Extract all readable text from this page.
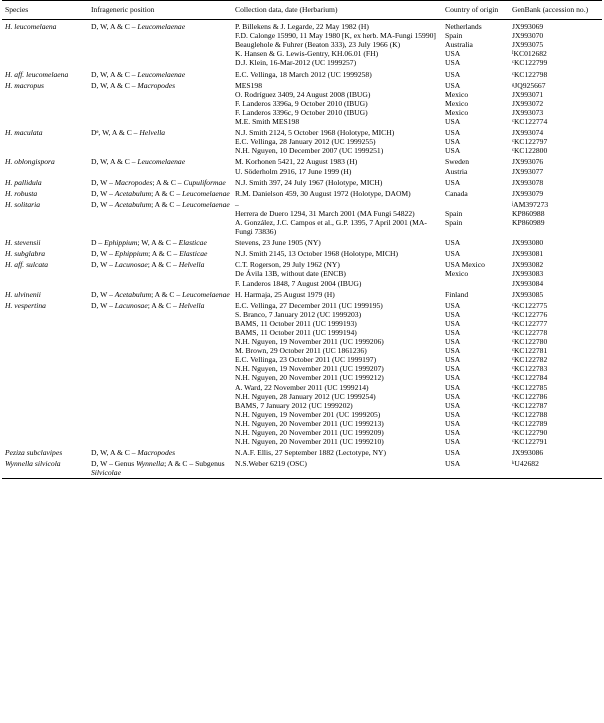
Species	Infrageneric position	Collection data, date (Herbarium)	Country of origin	GenBank (accession no.)
H. leucomelaena	D, W, A & C – Leucomelaenae	P. Billekens & J. Legarde, 22 May 1982 (H)	Netherlands	JX993069
		F.D. Calonge 15990, 11 May 1980 [K, ex herb. MA-Fungi 15990]	Spain	JX993070
		Beauglehole & Fuhrer (Beaton 333), 23 July 1966 (K)	Australia	JX993075
		K. Hansen & G. Lewis-Gentry, KH.06.01 (FH)	USA	ᴵKC012682
		D.J. Klein, 16-Mar-2012 (UC 1999257)	USA	ᶜKC122799
H. aff. leucomelaena	D, W, A & C – Leucomelaenae	E.C. Vellinga, 18 March 2012 (UC 1999258)	USA	ᶜKC122798
H. macropus	D, W, A & C – Macropodes	MES198	USA	ᵍJQ925667
		O. Rodríguez 3409, 24 August 2008 (IBUG)	Mexico	JX993071
		F. Landeros 3396a, 9 October 2010 (IBUG)	Mexico	JX993072
		F. Landeros 3396c, 9 October 2010 (IBUG)	Mexico	JX993073
		M.E. Smith MES198	USA	ᶜKC122774
H. maculata	Dᵉ, W, A & C – Helvella	N.J. Smith 2124, 5 October 1968 (Holotype, MICH)	USA	JX993074
		E.C. Vellinga, 28 January 2012 (UC 1999255)	USA	ᶜKC122797
		N.H. Nguyen, 10 December 2007 (UC 1999251)	USA	ᶜKC122800
H. oblongispora	D, W, A & C – Leucomelaenae	M. Korhonen 5421, 22 August 1983 (H)	Sweden	JX993076
		U. Söderholm 2916, 17 June 1999 (H)	Austria	JX993077
H. pallidula	D, W – Macropodes; A & C – Cupuliformae	N.J. Smith 397, 24 July 1967 (Holotype, MICH)	USA	JX993078
H. robusta	D, W – Acetabulum; A & C – Leucomelaenae	R.M. Danielson 459, 30 August 1972 (Holotype, DAOM)	Canada	JX993079
H. solitaria	D, W – Acetabulum; A & C – Leucomelaenae	–		ʲAM397273
		Herrera de Duero 1294, 31 March 2001 (MA Fungi 54822)	Spain	KP860988
		A. González, J.C. Campos et al., G.P. 1395, 7 April 2001 (MA-Fungi 73836)	Spain	KP860989
H. stevensii	D – Ephippium; W, A & C – Elasticae	Stevens, 23 June 1905 (NY)	USA	JX993080
H. subglabra	D, W – Ephippium; A & C – Elasticae	N.J. Smith 2145, 13 October 1968 (Holotype, MICH)	USA	JX993081
H. aff. sulcata	D, W – Lacunosae; A & C – Helvella	C.T. Rogerson, 29 July 1962 (NY)	USA Mexico	JX993082
		De Ávila 13B, without date (ENCB)	Mexico	JX993083
		F. Landeros 1848, 7 August 2004 (IBUG)		JX993084
H. ulvinenii	D, W – Acetabulum; A & C – Leucomelaenae	H. Harmaja, 25 August 1979 (H)	Finland	JX993085
H. vespertina	D, W – Lacunosae; A & C – Helvella	E.C. Vellinga, 27 December 2011 (UC 1999195)	USA	ᶜKC122775
		S. Branco, 7 January 2012 (UC 1999203)	USA	ᶜKC122776
		BAMS, 11 October 2011 (UC 1999193)	USA	ᶜKC122777
		BAMS, 11 October 2011 (UC 1999194)	USA	ᶜKC122778
		N.H. Nguyen, 19 November 2011 (UC 1999206)	USA	ᶜKC122780
		M. Brown, 29 October 2011 (UC 1861236)	USA	ᶜKC122781
		E.C. Vellinga, 23 October 2011 (UC 1999197)	USA	ᶜKC122782
		N.H. Nguyen, 19 November 2011 (UC 1999207)	USA	ᶜKC122783
		N.H. Nguyen, 20 November 2011 (UC 1999212)	USA	ᶜKC122784
		A. Ward, 22 November 2011 (UC 1999214)	USA	ᶜKC122785
		N.H. Nguyen, 28 January 2012 (UC 1999254)	USA	ᶜKC122786
		BAMS, 7 January 2012 (UC 1999202)	USA	ᶜKC122787
		N.H. Nguyen, 19 November 201 (UC 1999205)	USA	ᶜKC122788
		N.H. Nguyen, 20 November 2011 (UC 1999213)	USA	ᶜKC122789
		N.H. Nguyen, 20 November 2011 (UC 1999209)	USA	ᶜKC122790
		N.H. Nguyen, 20 November 2011 (UC 1999210)	USA	ᶜKC122791
Peziza subclavipes	D, W, A & C – Macropodes	N.A.F. Ellis, 27 September 1882 (Lectotype, NY)	USA	JX993086
Wynnella silvicola	D, W – Genus Wynnella; A & C – Subgenus Silvicolae	N.S.Weber 6219 (OSC)	USA	ᵏU42682
